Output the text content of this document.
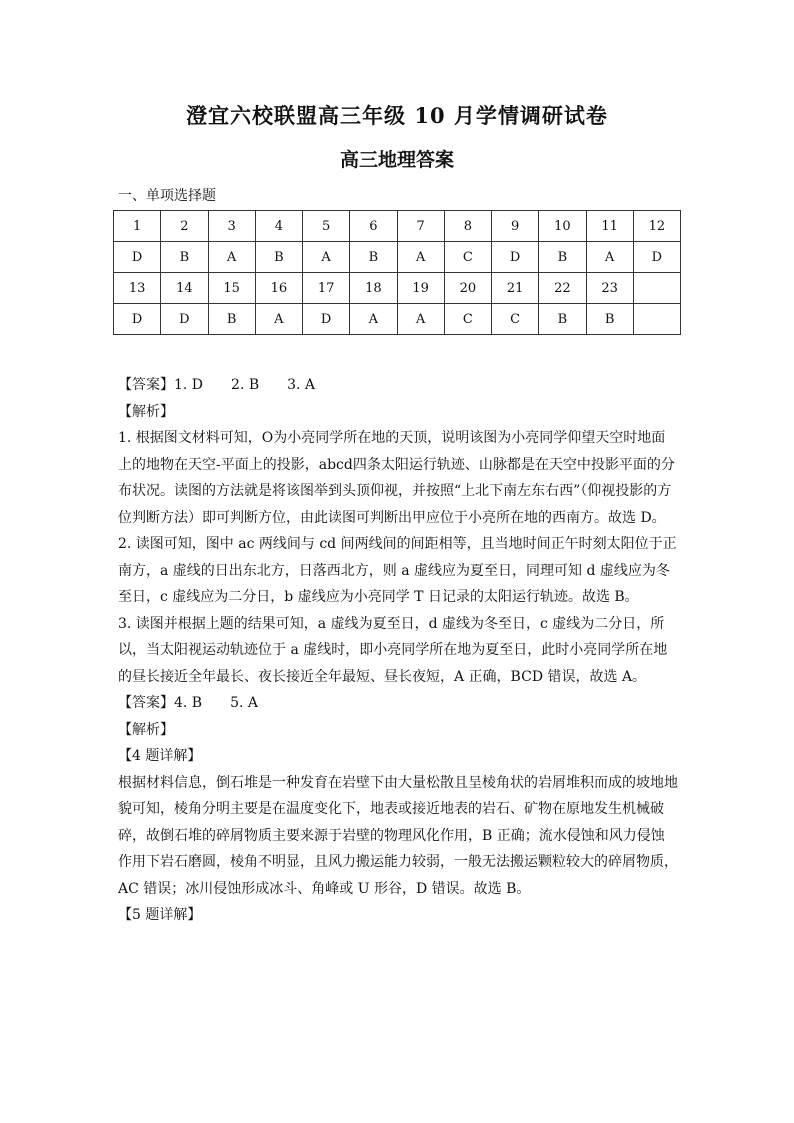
澄宜六校联盟高三年级 10 月学情调研试卷
高三地理答案
一、单项选择题
1	2	3	4	5	6	7	8	9	10	11	12
D	B	A	B	A	B	A	C	D	B	A	D
13	14	15	16	17	18	19	20	21	22	23	
D	D	B	A	D	A	A	C	C	B	B	

【答案】1. D　　2. B　　3. A

【解析】

1. 根据图文材料可知，O为小亮同学所在地的天顶，说明该图为小亮同学仰望天空时地面上的地物在天空-平面上的投影，abcd四条太阳运行轨迹、山脉都是在天空中投影平面的分布状况。读图的方法就是将该图举到头顶仰视，并按照“上北下南左东右西”（仰视投影的方位判断方法）即可判断方位，由此读图可判断出甲应位于小亮所在地的西南方。故选 D。

2. 读图可知，图中 ac 两线间与 cd 间两线间的间距相等，且当地时间正午时刻太阳位于正南方，a 虚线的日出东北方，日落西北方，则 a 虚线应为夏至日，同理可知 d 虚线应为冬至日，c 虚线应为二分日，b 虚线应为小亮同学 T 日记录的太阳运行轨迹。故选 B。

3. 读图并根据上题的结果可知，a 虚线为夏至日，d 虚线为冬至日，c 虚线为二分日，所以，当太阳视运动轨迹位于 a 虚线时，即小亮同学所在地为夏至日，此时小亮同学所在地的昼长接近全年最长、夜长接近全年最短、昼长夜短，A 正确，BCD 错误，故选 A。

【答案】4. B　　5. A

【解析】

【4 题详解】

根据材料信息，倒石堆是一种发育在岩壁下由大量松散且呈棱角状的岩屑堆积而成的坡地地貌可知，棱角分明主要是在温度变化下，地表或接近地表的岩石、矿物在原地发生机械破碎，故倒石堆的碎屑物质主要来源于岩壁的物理风化作用，B 正确；流水侵蚀和风力侵蚀作用下岩石磨圆，棱角不明显，且风力搬运能力较弱，一般无法搬运颗粒较大的碎屑物质，AC 错误；冰川侵蚀形成冰斗、角峰或 U 形谷，D 错误。故选 B。

【5 题详解】
